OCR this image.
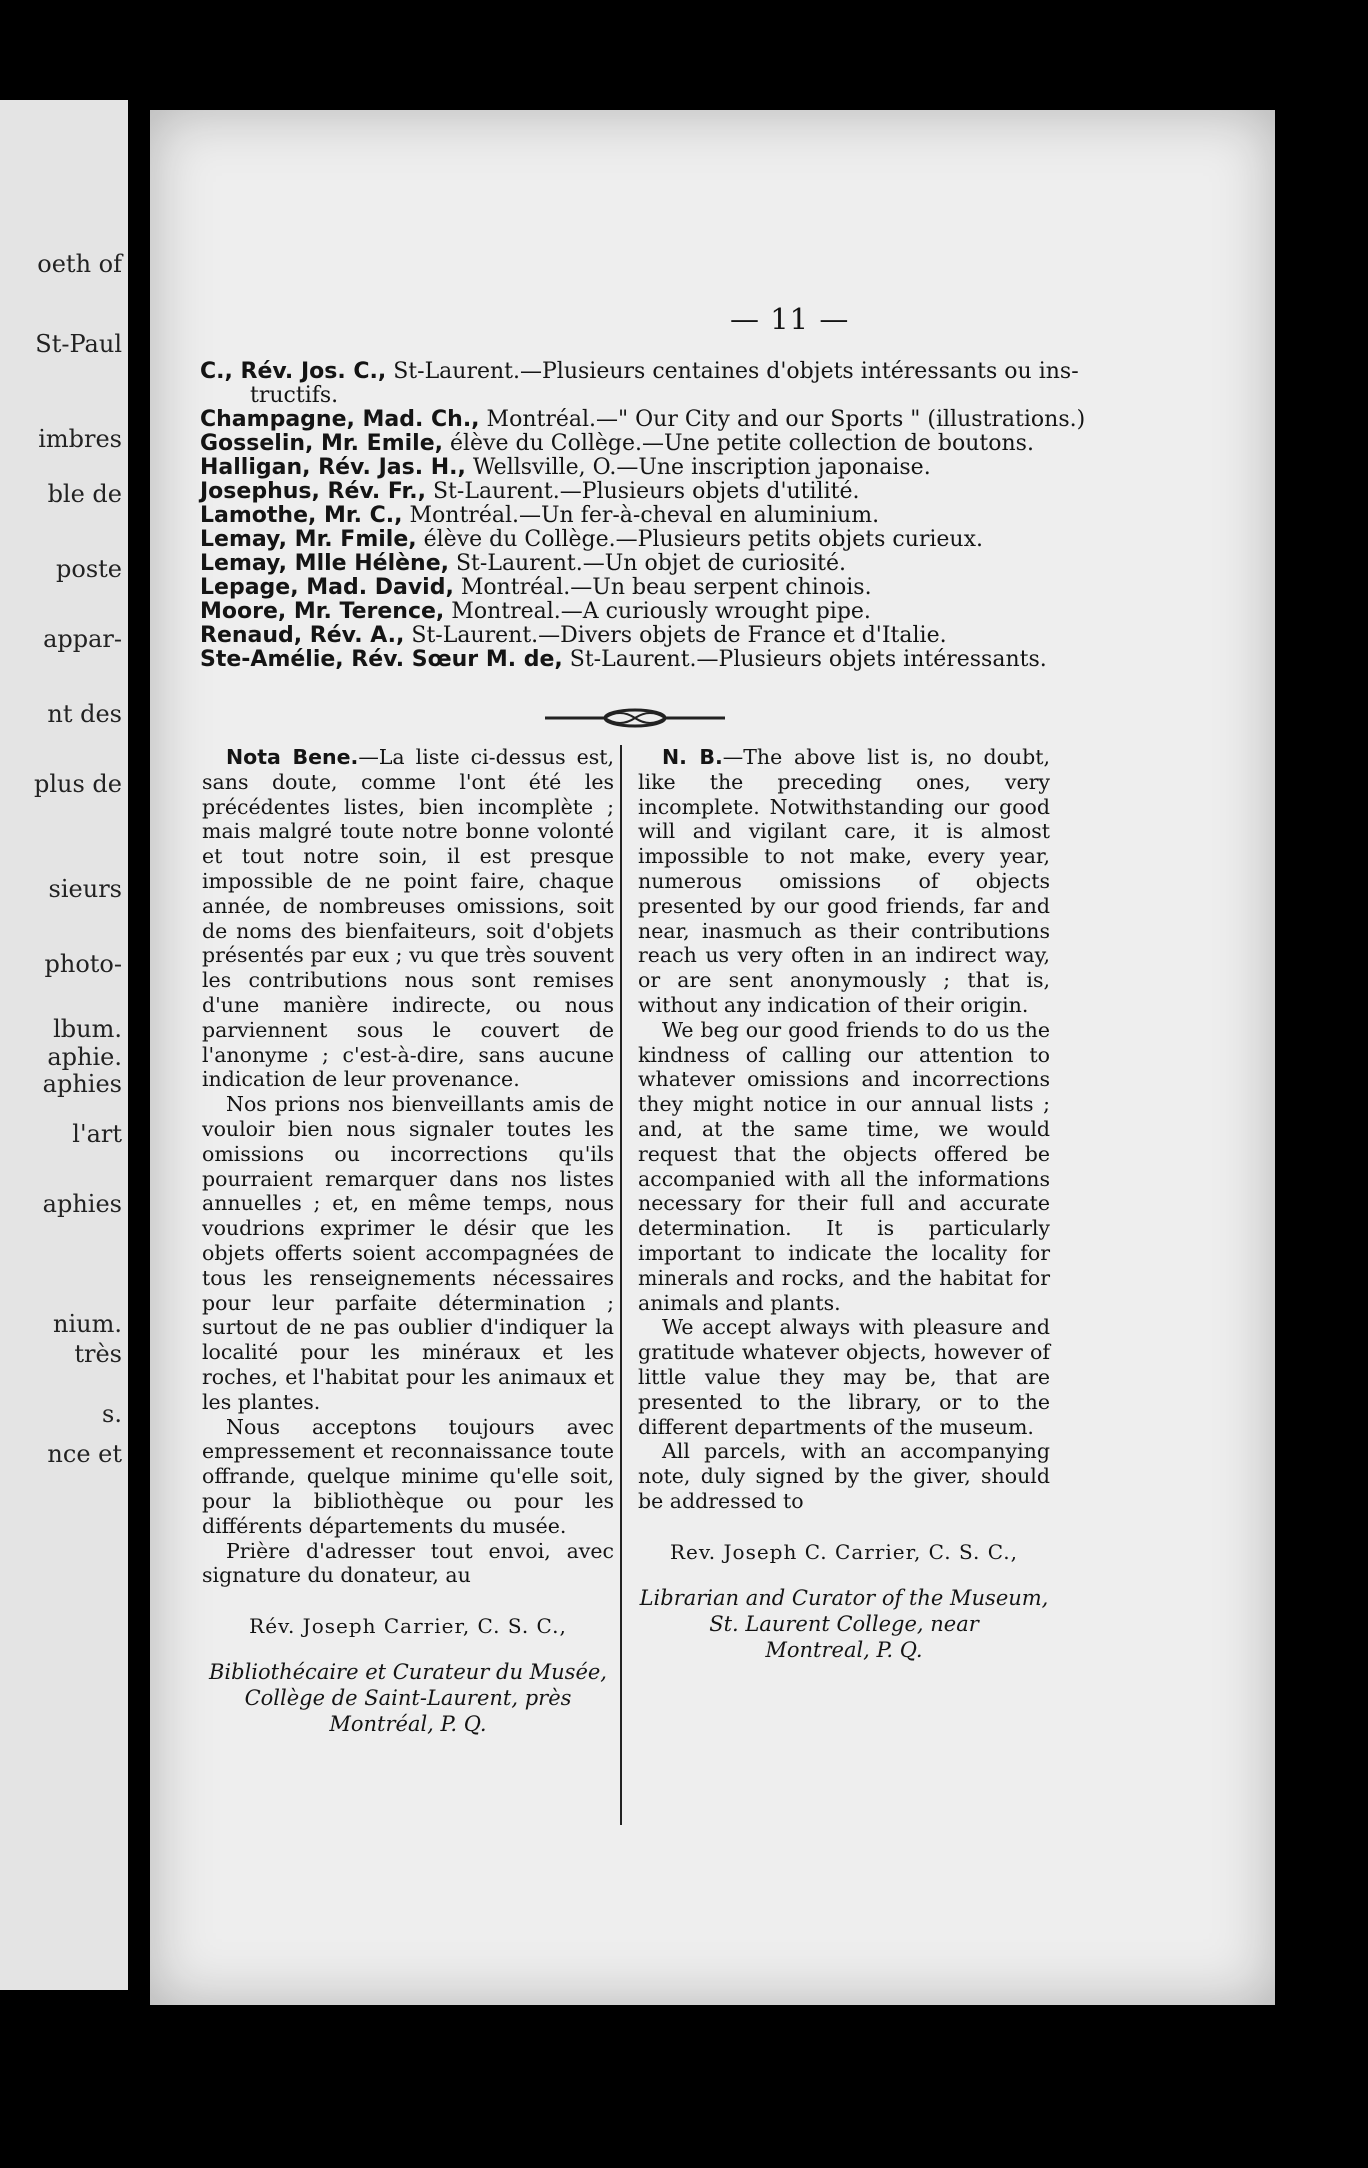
oeth of
St-Paul
imbres
ble de
poste
appar-
nt des
plus de
sieurs
photo-
lbum.
aphie.
aphies
l'art
aphies
nium.
très
s.
nce et
— 11 —

C., Rév. Jos. C., St-Laurent.—Plusieurs centaines d'objets intéressants ou ins-
tructifs.

Champagne, Mad. Ch., Montréal.—" Our City and our Sports " (illustrations.)

Gosselin, Mr. Emile, élève du Collège.—Une petite collection de boutons.

Halligan, Rév. Jas. H., Wellsville, O.—Une inscription japonaise.

Josephus, Rév. Fr., St-Laurent.—Plusieurs objets d'utilité.

Lamothe, Mr. C., Montréal.—Un fer-à-cheval en aluminium.

Lemay, Mr. Fmile, élève du Collège.—Plusieurs petits objets curieux.

Lemay, Mlle Hélène, St-Laurent.—Un objet de curiosité.

Lepage, Mad. David, Montréal.—Un beau serpent chinois.

Moore, Mr. Terence, Montreal.—A curiously wrought pipe.

Renaud, Rév. A., St-Laurent.—Divers objets de France et d'Italie.

Ste-Amélie, Rév. Sœur M. de, St-Laurent.—Plusieurs objets intéressants.

Nota Bene.—La liste ci-dessus est, sans doute, comme l'ont été les précédentes listes, bien incomplète ; mais malgré toute notre bonne volonté et tout notre soin, il est presque impossible de ne point faire, chaque année, de nombreuses omissions, soit de noms des bienfaiteurs, soit d'objets présentés par eux ; vu que très souvent les contributions nous sont remises d'une manière indirecte, ou nous parviennent sous le couvert de l'anonyme ; c'est-à-dire, sans aucune indication de leur provenance.

Nos prions nos bienveillants amis de vouloir bien nous signaler toutes les omissions ou incorrections qu'ils pourraient remarquer dans nos listes annuelles ; et, en même temps, nous voudrions exprimer le désir que les objets offerts soient accompagnées de tous les renseignements nécessaires pour leur parfaite détermination ; surtout de ne pas oublier d'indiquer la localité pour les minéraux et les roches, et l'habitat pour les animaux et les plantes.

Nous acceptons toujours avec empressement et reconnaissance toute offrande, quelque minime qu'elle soit, pour la bibliothèque ou pour les différents départements du musée.

Prière d'adresser tout envoi, avec signature du donateur, au

Rév. Joseph Carrier, C. S. C.,
Bibliothécaire et Curateur du Musée,
Collège de Saint-Laurent, près
Montréal, P. Q.

N. B.—The above list is, no doubt, like the preceding ones, very incomplete. Notwithstanding our good will and vigilant care, it is almost impossible to not make, every year, numerous omissions of objects presented by our good friends, far and near, inasmuch as their contributions reach us very often in an indirect way, or are sent anonymously ; that is, without any indication of their origin.

We beg our good friends to do us the kindness of calling our attention to whatever omissions and incorrections they might notice in our annual lists ; and, at the same time, we would request that the objects offered be accompanied with all the informations necessary for their full and accurate determination. It is particularly important to indicate the locality for minerals and rocks, and the habitat for animals and plants.

We accept always with pleasure and gratitude whatever objects, however of little value they may be, that are presented to the library, or to the different departments of the museum.

All parcels, with an accompanying note, duly signed by the giver, should be addressed to

Rev. Joseph C. Carrier, C. S. C.,
Librarian and Curator of the Museum,
St. Laurent College, near
Montreal, P. Q.
